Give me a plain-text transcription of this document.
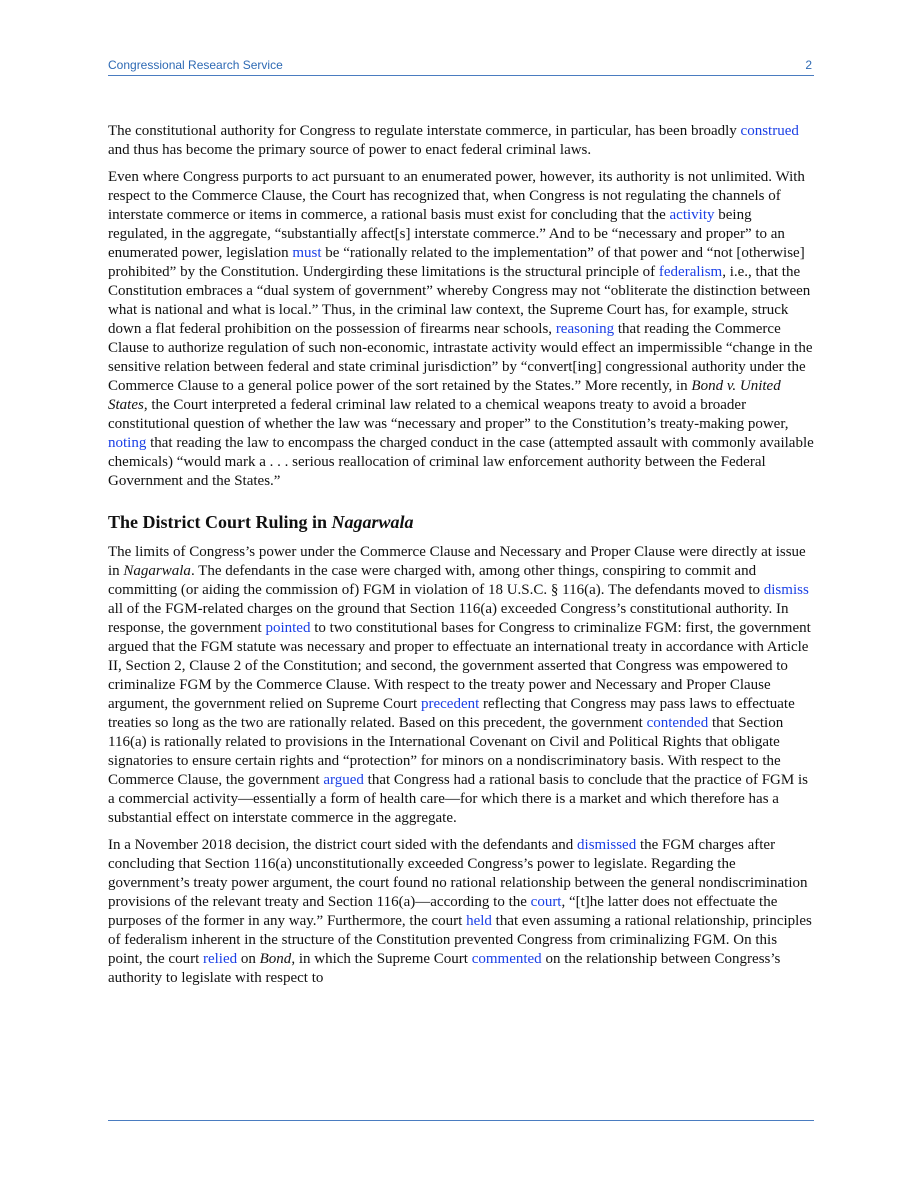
Congressional Research Service	2

The constitutional authority for Congress to regulate interstate commerce, in particular, has been broadly construed and thus has become the primary source of power to enact federal criminal laws.

Even where Congress purports to act pursuant to an enumerated power, however, its authority is not unlimited. With respect to the Commerce Clause, the Court has recognized that, when Congress is not regulating the channels of interstate commerce or items in commerce, a rational basis must exist for concluding that the activity being regulated, in the aggregate, “substantially affect[s] interstate commerce.” And to be “necessary and proper” to an enumerated power, legislation must be “rationally related to the implementation” of that power and “not [otherwise] prohibited” by the Constitution. Undergirding these limitations is the structural principle of federalism, i.e., that the Constitution embraces a “dual system of government” whereby Congress may not “obliterate the distinction between what is national and what is local.” Thus, in the criminal law context, the Supreme Court has, for example, struck down a flat federal prohibition on the possession of firearms near schools, reasoning that reading the Commerce Clause to authorize regulation of such non-economic, intrastate activity would effect an impermissible “change in the sensitive relation between federal and state criminal jurisdiction” by “convert[ing] congressional authority under the Commerce Clause to a general police power of the sort retained by the States.” More recently, in Bond v. United States, the Court interpreted a federal criminal law related to a chemical weapons treaty to avoid a broader constitutional question of whether the law was “necessary and proper” to the Constitution’s treaty-making power, noting that reading the law to encompass the charged conduct in the case (attempted assault with commonly available chemicals) “would mark a . . . serious reallocation of criminal law enforcement authority between the Federal Government and the States.”

The District Court Ruling in Nagarwala

The limits of Congress’s power under the Commerce Clause and Necessary and Proper Clause were directly at issue in Nagarwala. The defendants in the case were charged with, among other things, conspiring to commit and committing (or aiding the commission of) FGM in violation of 18 U.S.C. § 116(a). The defendants moved to dismiss all of the FGM-related charges on the ground that Section 116(a) exceeded Congress’s constitutional authority. In response, the government pointed to two constitutional bases for Congress to criminalize FGM: first, the government argued that the FGM statute was necessary and proper to effectuate an international treaty in accordance with Article II, Section 2, Clause 2 of the Constitution; and second, the government asserted that Congress was empowered to criminalize FGM by the Commerce Clause. With respect to the treaty power and Necessary and Proper Clause argument, the government relied on Supreme Court precedent reflecting that Congress may pass laws to effectuate treaties so long as the two are rationally related. Based on this precedent, the government contended that Section 116(a) is rationally related to provisions in the International Covenant on Civil and Political Rights that obligate signatories to ensure certain rights and “protection” for minors on a nondiscriminatory basis. With respect to the Commerce Clause, the government argued that Congress had a rational basis to conclude that the practice of FGM is a commercial activity—essentially a form of health care—for which there is a market and which therefore has a substantial effect on interstate commerce in the aggregate.

In a November 2018 decision, the district court sided with the defendants and dismissed the FGM charges after concluding that Section 116(a) unconstitutionally exceeded Congress’s power to legislate. Regarding the government’s treaty power argument, the court found no rational relationship between the general nondiscrimination provisions of the relevant treaty and Section 116(a)—according to the court, “[t]he latter does not effectuate the purposes of the former in any way.” Furthermore, the court held that even assuming a rational relationship, principles of federalism inherent in the structure of the Constitution prevented Congress from criminalizing FGM. On this point, the court relied on Bond, in which the Supreme Court commented on the relationship between Congress’s authority to legislate with respect to
